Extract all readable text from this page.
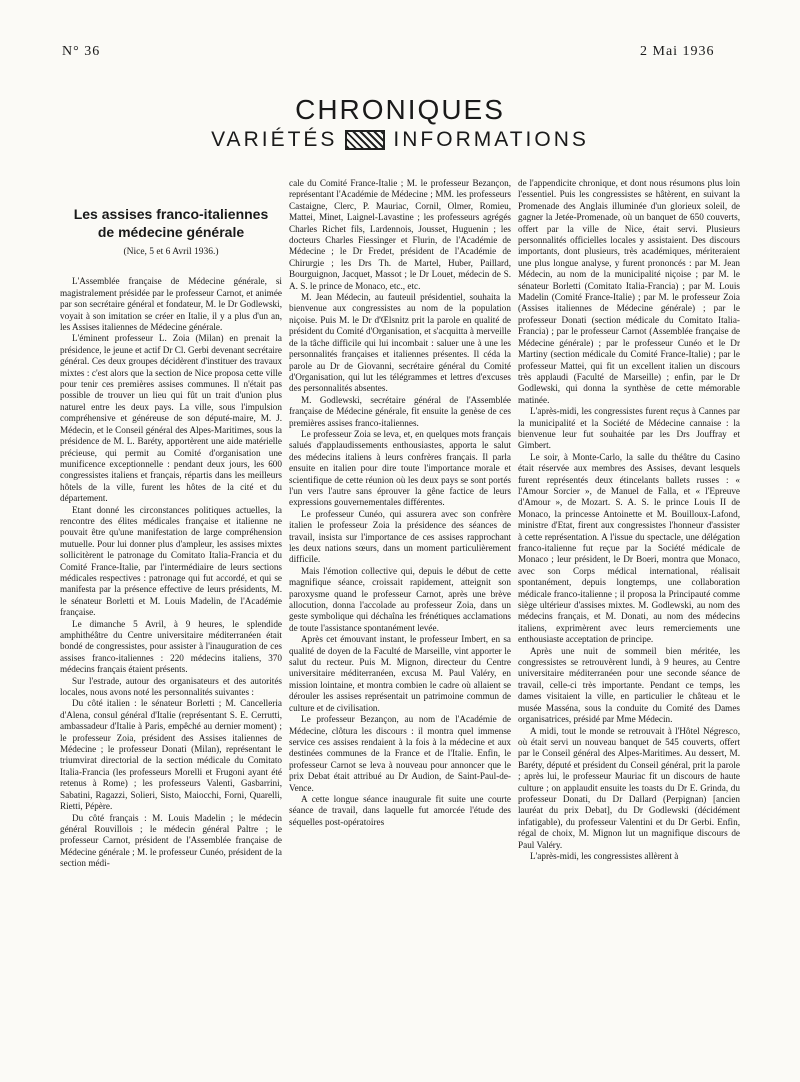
N° 36	2 Mai 1936
CHRONIQUES
VARIÉTÉS	INFORMATIONS
Les assises franco-italiennes
de médecine générale
(Nice, 5 et 6 Avril 1936.)

L'Assemblée française de Médecine générale, si magistralement présidée par le professeur Carnot, et animée par son secrétaire général et fondateur, M. le Dr Godlewski, voyait à son imitation se créer en Italie, il y a plus d'un an, les Assises italiennes de Médecine générale.

L'éminent professeur L. Zoia (Milan) en prenait la présidence, le jeune et actif Dr Cl. Gerbi devenant secrétaire général. Ces deux groupes décidèrent d'instituer des travaux mixtes : c'est alors que la section de Nice proposa cette ville pour tenir ces premières assises communes. Il n'était pas possible de trouver un lieu qui fût un trait d'union plus naturel entre les deux pays. La ville, sous l'impulsion compréhensive et généreuse de son député-maire, M. J. Médecin, et le Conseil général des Alpes-Maritimes, sous la présidence de M. L. Baréty, apportèrent une aide matérielle précieuse, qui permit au Comité d'organisation une munificence exceptionnelle : pendant deux jours, les 600 congressistes italiens et français, répartis dans les meilleurs hôtels de la ville, furent les hôtes de la cité et du département.

Etant donné les circonstances politiques actuelles, la rencontre des élites médicales française et italienne ne pouvait être qu'une manifestation de large compréhension mutuelle. Pour lui donner plus d'ampleur, les assises mixtes sollicitèrent le patronage du Comitato Italia-Francia et du Comité France-Italie, par l'intermédiaire de leurs sections médicales respectives : patronage qui fut accordé, et qui se manifesta par la présence effective de leurs présidents, M. le sénateur Borletti et M. Louis Madelin, de l'Académie française.

Le dimanche 5 Avril, à 9 heures, le splendide amphithéâtre du Centre universitaire méditerranéen était bondé de congressistes, pour assister à l'inauguration de ces assises franco-italiennes : 220 médecins italiens, 370 médecins français étaient présents.

Sur l'estrade, autour des organisateurs et des autorités locales, nous avons noté les personnalités suivantes :

Du côté italien : le sénateur Borletti ; M. Cancelleria d'Alena, consul général d'Italie (représentant S. E. Cerrutti, ambassadeur d'Italie à Paris, empêché au dernier moment) ; le professeur Zoia, président des Assises italiennes de Médecine ; le professeur Donati (Milan), représentant le triumvirat directorial de la section médicale du Comitato Italia-Francia (les professeurs Morelli et Frugoni ayant été retenus à Rome) ; les professeurs Valenti, Gasbarrini, Sabatini, Ragazzi, Solieri, Sisto, Maiocchi, Forni, Quarelli, Rietti, Pépère.

Du côté français : M. Louis Madelin ; le médecin général Rouvillois ; le médecin général Paltre ; le professeur Carnot, président de l'Assemblée française de Médecine générale ; M. le professeur Cunéo, président de la section médi-

cale du Comité France-Italie ; M. le professeur Bezançon, représentant l'Académie de Médecine ; MM. les professeurs Castaigne, Clerc, P. Mauriac, Cornil, Olmer, Romieu, Mattei, Minet, Laignel-Lavastine ; les professeurs agrégés Charles Richet fils, Lardennois, Jousset, Huguenin ; les docteurs Charles Fiessinger et Flurin, de l'Académie de Médecine ; le Dr Fredet, président de l'Académie de Chirurgie ; les Drs Th. de Martel, Huber, Paillard, Bourguignon, Jacquet, Massot ; le Dr Louet, médecin de S. A. S. le prince de Monaco, etc., etc.

M. Jean Médecin, au fauteuil présidentiel, souhaita la bienvenue aux congressistes au nom de la population niçoise. Puis M. le Dr d'Œlsnitz prit la parole en qualité de président du Comité d'Organisation, et s'acquitta à merveille de la tâche difficile qui lui incombait : saluer une à une les personnalités françaises et italiennes présentes. Il céda la parole au Dr de Giovanni, secrétaire général du Comité d'Organisation, qui lut les télégrammes et lettres d'excuses des personnalités absentes.

M. Godlewski, secrétaire général de l'Assemblée française de Médecine générale, fit ensuite la genèse de ces premières assises franco-italiennes.

Le professeur Zoia se leva, et, en quelques mots français salués d'applaudissements enthousiastes, apporta le salut des médecins italiens à leurs confrères français. Il parla ensuite en italien pour dire toute l'importance morale et scientifique de cette réunion où les deux pays se sont portés l'un vers l'autre sans éprouver la gêne factice de leurs expressions gouvernementales différentes.

Le professeur Cunéo, qui assurera avec son confrère italien le professeur Zoia la présidence des séances de travail, insista sur l'importance de ces assises rapprochant les deux nations sœurs, dans un moment particulièrement difficile.

Mais l'émotion collective qui, depuis le début de cette magnifique séance, croissait rapidement, atteignit son paroxysme quand le professeur Carnot, après une brève allocution, donna l'accolade au professeur Zoia, dans un geste symbolique qui déchaîna les frénétiques acclamations de toute l'assistance spontanément levée.

Après cet émouvant instant, le professeur Imbert, en sa qualité de doyen de la Faculté de Marseille, vint apporter le salut du recteur. Puis M. Mignon, directeur du Centre universitaire méditerranéen, excusa M. Paul Valéry, en mission lointaine, et montra combien le cadre où allaient se dérouler les assises représentait un patrimoine commun de culture et de civilisation.

Le professeur Bezançon, au nom de l'Académie de Médecine, clôtura les discours : il montra quel immense service ces assises rendaient à la fois à la médecine et aux destinées communes de la France et de l'Italie. Enfin, le professeur Carnot se leva à nouveau pour annoncer que le prix Debat était attribué au Dr Audion, de Saint-Paul-de-Vence.

A cette longue séance inaugurale fit suite une courte séance de travail, dans laquelle fut amorcée l'étude des séquelles post-opératoires

de l'appendicite chronique, et dont nous résumons plus loin l'essentiel. Puis les congressistes se hâtèrent, en suivant la Promenade des Anglais illuminée d'un glorieux soleil, de gagner la Jetée-Promenade, où un banquet de 650 couverts, offert par la ville de Nice, était servi. Plusieurs personnalités officielles locales y assistaient. Des discours importants, dont plusieurs, très académiques, mériteraient une plus longue analyse, y furent prononcés : par M. Jean Médecin, au nom de la municipalité niçoise ; par M. le sénateur Borletti (Comitato Italia-Francia) ; par M. Louis Madelin (Comité France-Italie) ; par M. le professeur Zoia (Assises italiennes de Médecine générale) ; par le professeur Donati (section médicale du Comitato Italia-Francia) ; par le professeur Carnot (Assemblée française de Médecine générale) ; par le professeur Cunéo et le Dr Martiny (section médicale du Comité France-Italie) ; par le professeur Mattei, qui fit un excellent italien un discours très applaudi (Faculté de Marseille) ; enfin, par le Dr Godlewski, qui donna la synthèse de cette mémorable matinée.

L'après-midi, les congressistes furent reçus à Cannes par la municipalité et la Société de Médecine cannaise : la bienvenue leur fut souhaitée par les Drs Jouffray et Gimbert.

Le soir, à Monte-Carlo, la salle du théâtre du Casino était réservée aux membres des Assises, devant lesquels furent représentés deux étincelants ballets russes : « l'Amour Sorcier », de Manuel de Falla, et « l'Epreuve d'Amour », de Mozart. S. A. S. le prince Louis II de Monaco, la princesse Antoinette et M. Bouilloux-Lafond, ministre d'Etat, firent aux congressistes l'honneur d'assister à cette représentation. A l'issue du spectacle, une délégation franco-italienne fut reçue par la Société médicale de Monaco ; leur président, le Dr Boeri, montra que Monaco, avec son Corps médical international, réalisait spontanément, depuis longtemps, une collaboration médicale franco-italienne ; il proposa la Principauté comme siège ultérieur d'assises mixtes. M. Godlewski, au nom des médecins français, et M. Donati, au nom des médecins italiens, exprimèrent avec leurs remerciements une enthousiaste acceptation de principe.

Après une nuit de sommeil bien méritée, les congressistes se retrouvèrent lundi, à 9 heures, au Centre universitaire méditerranéen pour une seconde séance de travail, celle-ci très importante. Pendant ce temps, les dames visitaient la ville, en particulier le château et le musée Masséna, sous la conduite du Comité des Dames organisatrices, présidé par Mme Médecin.

A midi, tout le monde se retrouvait à l'Hôtel Négresco, où était servi un nouveau banquet de 545 couverts, offert par le Conseil général des Alpes-Maritimes. Au dessert, M. Baréty, député et président du Conseil général, prit la parole ; après lui, le professeur Mauriac fit un discours de haute culture ; on applaudit ensuite les toasts du Dr E. Grinda, du professeur Donati, du Dr Dallard (Perpignan) [ancien lauréat du prix Debat], du Dr Godlewski (décidément infatigable), du professeur Valentini et du Dr Gerbi. Enfin, régal de choix, M. Mignon lut un magnifique discours de Paul Valéry.

L'après-midi, les congressistes allèrent à
